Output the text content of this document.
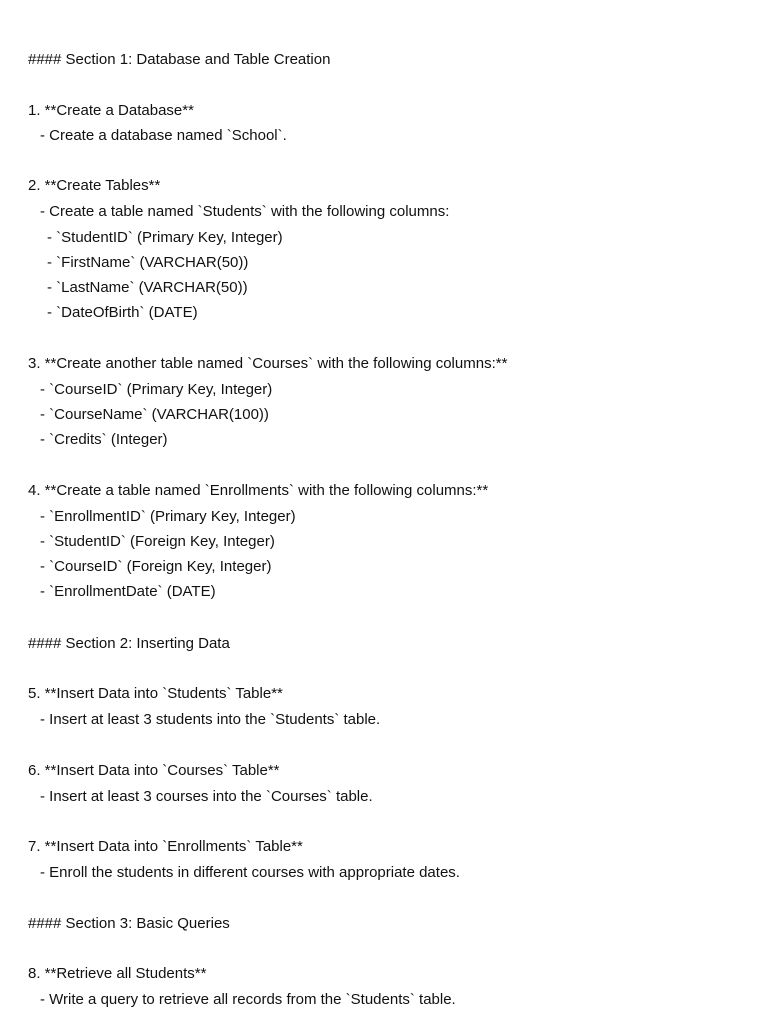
#### Section 1: Database and Table Creation
1. **Create a Database**
- Create a database named `School`.
2. **Create Tables**
- Create a table named `Students` with the following columns:
- `StudentID` (Primary Key, Integer)
- `FirstName` (VARCHAR(50))
- `LastName` (VARCHAR(50))
- `DateOfBirth` (DATE)
3. **Create another table named `Courses` with the following columns:**
- `CourseID` (Primary Key, Integer)
- `CourseName` (VARCHAR(100))
- `Credits` (Integer)
4. **Create a table named `Enrollments` with the following columns:**
- `EnrollmentID` (Primary Key, Integer)
- `StudentID` (Foreign Key, Integer)
- `CourseID` (Foreign Key, Integer)
- `EnrollmentDate` (DATE)
#### Section 2: Inserting Data
5. **Insert Data into `Students` Table**
- Insert at least 3 students into the `Students` table.
6. **Insert Data into `Courses` Table**
- Insert at least 3 courses into the `Courses` table.
7. **Insert Data into `Enrollments` Table**
- Enroll the students in different courses with appropriate dates.
#### Section 3: Basic Queries
8. **Retrieve all Students**
- Write a query to retrieve all records from the `Students` table.
